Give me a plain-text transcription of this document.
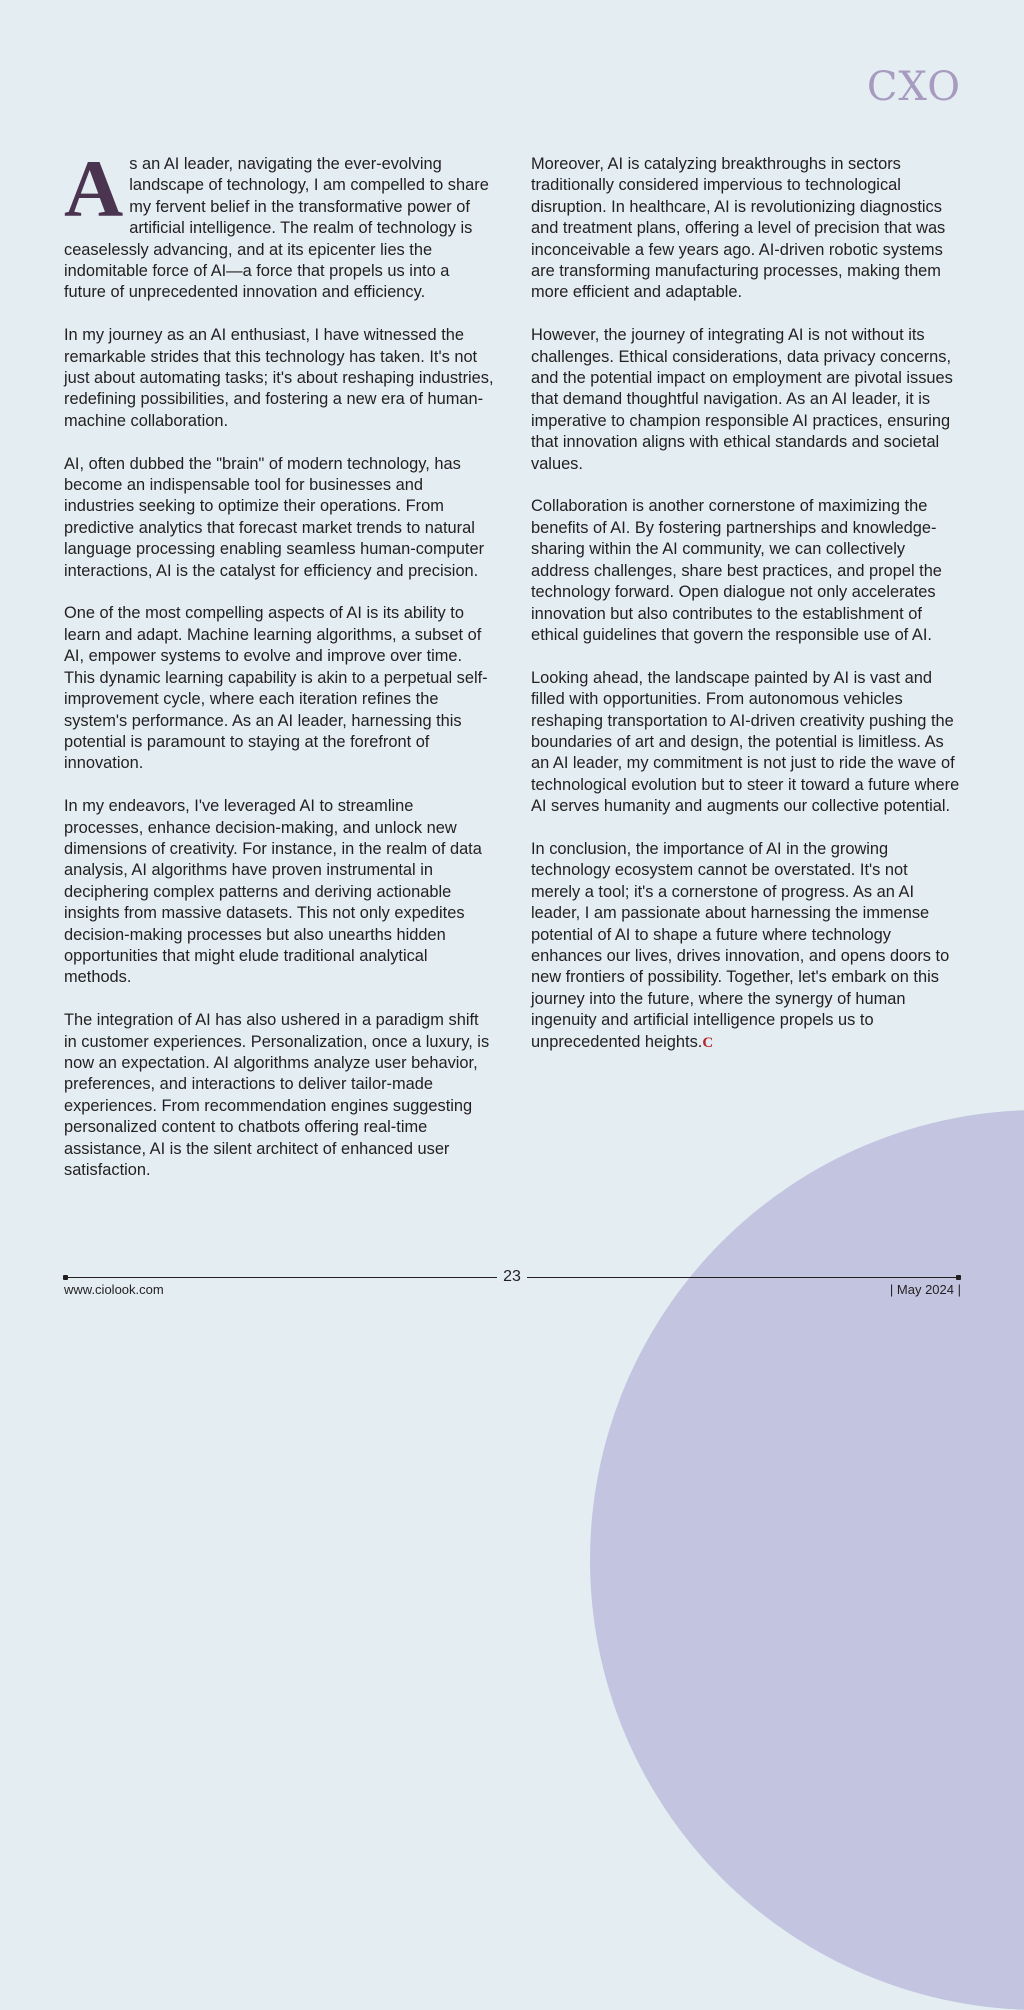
CXO

As an AI leader, navigating the ever-evolving landscape of technology, I am compelled to share my fervent belief in the transformative power of artificial intelligence. The realm of technology is ceaselessly advancing, and at its epicenter lies the indomitable force of AI—a force that propels us into a future of unprecedented innovation and efficiency.

In my journey as an AI enthusiast, I have witnessed the remarkable strides that this technology has taken. It's not just about automating tasks; it's about reshaping industries, redefining possibilities, and fostering a new era of human-machine collaboration.

AI, often dubbed the "brain" of modern technology, has become an indispensable tool for businesses and industries seeking to optimize their operations. From predictive analytics that forecast market trends to natural language processing enabling seamless human-computer interactions, AI is the catalyst for efficiency and precision.

One of the most compelling aspects of AI is its ability to learn and adapt. Machine learning algorithms, a subset of AI, empower systems to evolve and improve over time. This dynamic learning capability is akin to a perpetual self-improvement cycle, where each iteration refines the system's performance. As an AI leader, harnessing this potential is paramount to staying at the forefront of innovation.

In my endeavors, I've leveraged AI to streamline processes, enhance decision-making, and unlock new dimensions of creativity. For instance, in the realm of data analysis, AI algorithms have proven instrumental in deciphering complex patterns and deriving actionable insights from massive datasets. This not only expedites decision-making processes but also unearths hidden opportunities that might elude traditional analytical methods.

The integration of AI has also ushered in a paradigm shift in customer experiences. Personalization, once a luxury, is now an expectation. AI algorithms analyze user behavior, preferences, and interactions to deliver tailor-made experiences. From recommendation engines suggesting personalized content to chatbots offering real-time assistance, AI is the silent architect of enhanced user satisfaction.

Moreover, AI is catalyzing breakthroughs in sectors traditionally considered impervious to technological disruption. In healthcare, AI is revolutionizing diagnostics and treatment plans, offering a level of precision that was inconceivable a few years ago. AI-driven robotic systems are transforming manufacturing processes, making them more efficient and adaptable.

However, the journey of integrating AI is not without its challenges. Ethical considerations, data privacy concerns, and the potential impact on employment are pivotal issues that demand thoughtful navigation. As an AI leader, it is imperative to champion responsible AI practices, ensuring that innovation aligns with ethical standards and societal values.

Collaboration is another cornerstone of maximizing the benefits of AI. By fostering partnerships and knowledge-sharing within the AI community, we can collectively address challenges, share best practices, and propel the technology forward. Open dialogue not only accelerates innovation but also contributes to the establishment of ethical guidelines that govern the responsible use of AI.

Looking ahead, the landscape painted by AI is vast and filled with opportunities. From autonomous vehicles reshaping transportation to AI-driven creativity pushing the boundaries of art and design, the potential is limitless. As an AI leader, my commitment is not just to ride the wave of technological evolution but to steer it toward a future where AI serves humanity and augments our collective potential.

In conclusion, the importance of AI in the growing technology ecosystem cannot be overstated. It's not merely a tool; it's a cornerstone of progress. As an AI leader, I am passionate about harnessing the immense potential of AI to shape a future where technology enhances our lives, drives innovation, and opens doors to new frontiers of possibility. Together, let's embark on this journey into the future, where the synergy of human ingenuity and artificial intelligence propels us to unprecedented heights.C

23
www.ciolook.com	| May 2024 |
